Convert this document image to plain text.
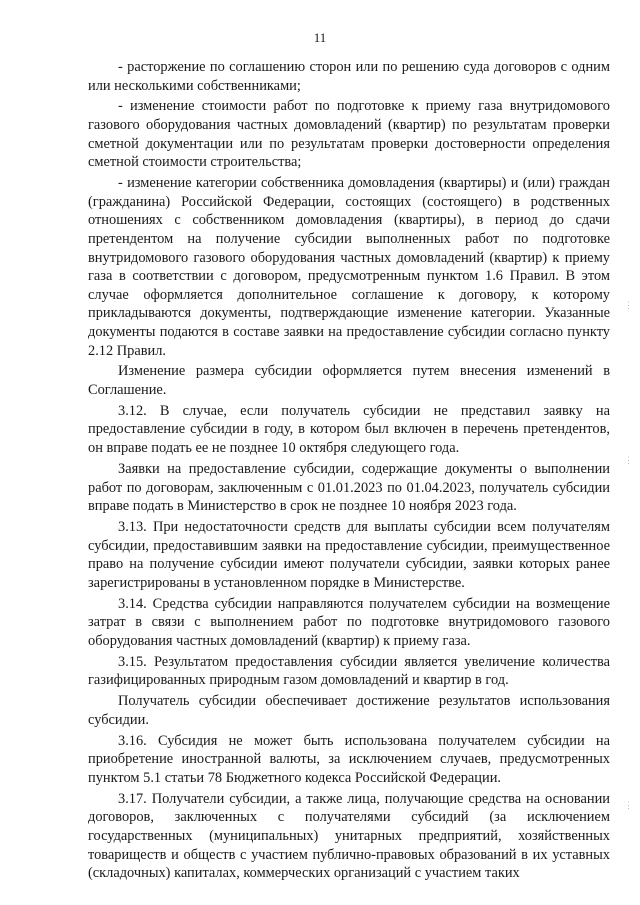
11

- расторжение по соглашению сторон или по решению суда договоров с одним или несколькими собственниками;

- изменение стоимости работ по подготовке к приему газа внутридомового газового оборудования частных домовладений (квартир) по результатам проверки сметной документации или по результатам проверки достоверности определения сметной стоимости строительства;

- изменение категории собственника домовладения (квартиры) и (или) граждан (гражданина) Российской Федерации, состоящих (состоящего) в родственных отношениях с собственником домовладения (квартиры), в период до сдачи претендентом на получение субсидии выполненных работ по подготовке внутридомового газового оборудования частных домовладений (квартир) к приему газа в соответствии с договором, предусмотренным пунктом 1.6 Правил. В этом случае оформляется дополнительное соглашение к договору, к которому прикладываются документы, подтверждающие изменение категории. Указанные документы подаются в составе заявки на предоставление субсидии согласно пункту 2.12 Правил.

Изменение размера субсидии оформляется путем внесения изменений в Соглашение.

3.12. В случае, если получатель субсидии не представил заявку на предоставление субсидии в году, в котором был включен в перечень претендентов, он вправе подать ее не позднее 10 октября следующего года.

Заявки на предоставление субсидии, содержащие документы о выполнении работ по договорам, заключенным с 01.01.2023 по 01.04.2023, получатель субсидии вправе подать в Министерство в срок не позднее 10 ноября 2023 года.

3.13. При недостаточности средств для выплаты субсидии всем получателям субсидии, предоставившим заявки на предоставление субсидии, преимущественное право на получение субсидии имеют получатели субсидии, заявки которых ранее зарегистрированы в установленном порядке в Министерстве.

3.14. Средства субсидии направляются получателем субсидии на возмещение затрат в связи с выполнением работ по подготовке внутридомового газового оборудования частных домовладений (квартир) к приему газа.

3.15. Результатом предоставления субсидии является увеличение количества газифицированных природным газом домовладений и квартир в год.

Получатель субсидии обеспечивает достижение результатов использования субсидии.

3.16. Субсидия не может быть использована получателем субсидии на приобретение иностранной валюты, за исключением случаев, предусмотренных пунктом 5.1 статьи 78 Бюджетного кодекса Российской Федерации.

3.17. Получатели субсидии, а также лица, получающие средства на основании договоров, заключенных с получателями субсидий (за исключением государственных (муниципальных) унитарных предприятий, хозяйственных товариществ и обществ с участием публично-правовых образований в их уставных (складочных) капиталах, коммерческих организаций с участием таких

⋮
⋮
⋮
